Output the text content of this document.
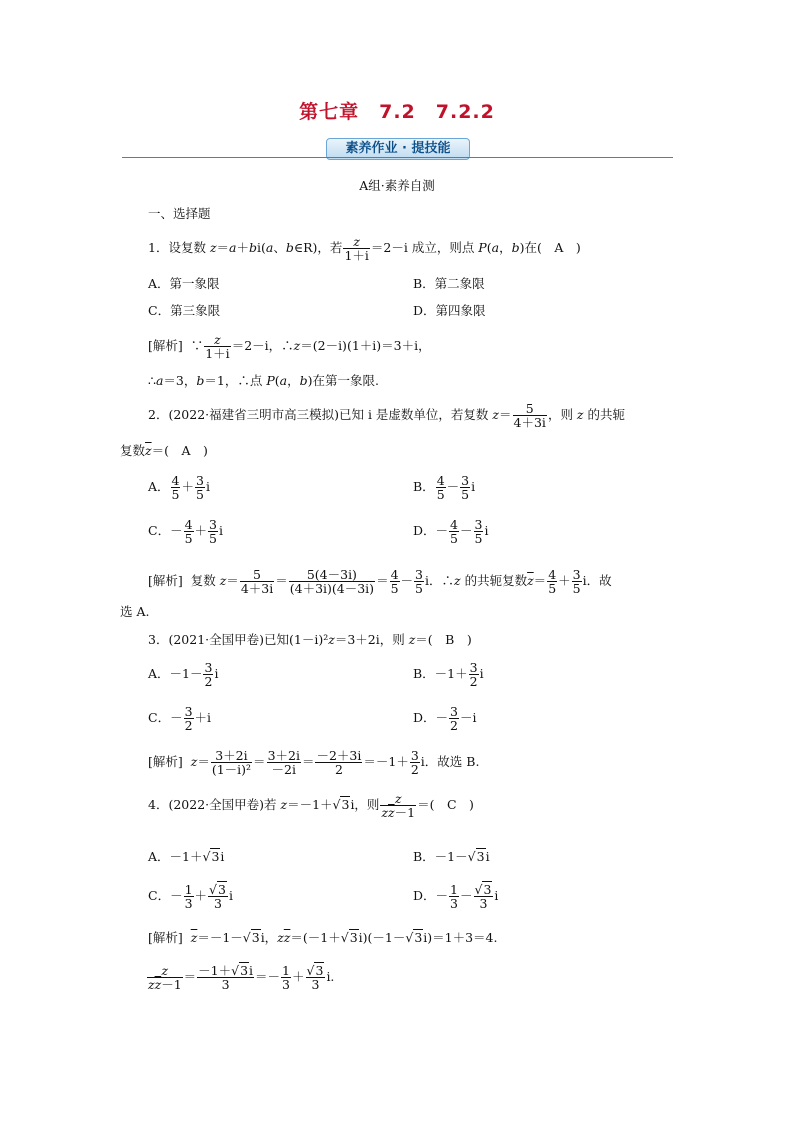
第七章　7.2　7.2.2
素养作业 · 提技能
A组·素养自测
一、选择题
1．设复数 z＝a＋bi(a、b∈R)，若 $\frac{z}{1+i} =2-i$ 成立，则点 P(a，b)在(　A　)
A．第一象限	B．第二象限
C．第三象限	D．第四象限
[解析] ∵ $\frac{z}{1+i} =2-i$，∴z＝(2－i)(1＋i)＝3＋i，
∴a＝3，b＝1，∴点 P(a，b)在第一象限.
2．(2022·福建省三明市高三模拟)已知 i 是虚数单位，若复数 $z= \frac{5}{4+3i}$ ，则 z 的共轭
复数$\overline{z}=$(　A　)
A． $\frac{4}{5} + \frac{3}{5}$ i	B． $\frac{4}{5} - \frac{3}{5}$ i
C．－ $\frac{4}{5} + \frac{3}{5}$ i	D．－ $\frac{4}{5} - \frac{3}{5}$ i
[解析] 复数 $z= \frac{5}{4+3i} = \frac{5(4-3i)}{(4+3i)(4-3i)} = \frac{4}{5} - \frac{3}{5}$ i．∴z 的共轭复数$\overline{z}= \frac{4}{5} + \frac{3}{5}$ i．故
选 A.
3．(2021·全国甲卷)已知(1－i)²z＝3＋2i，则 z＝(　B　)
A．$-1- \frac{3}{2}$ i	B．$-1+ \frac{3}{2}$ i
C．－ $\frac{3}{2} +i$	D．－ $\frac{3}{2} -i$
[解析] $z= \frac{3+2i}{\text{(1－i)²}} = \frac{3+2i}{-2i} = \frac{-2+3i}{2} =-1+ \frac{3}{2}$ i．故选 B.
4．(2022·全国甲卷)若 z＝－1＋√3i，则 $\frac{z}{z\overline{z}-1}$ ＝(　C　)
A．－1＋√3i	B．－1－√3i
C．－ $\frac{1}{3} + \frac{√3}{3}$ i	D．－ $\frac{1}{3} - \frac{√3}{3}$ i
[解析] $\overline{z}=-1-√3i$，$z\overline{z}=(-1+√3i)(-1-√3i)=1+3=4$.
$\frac{z}{z\overline{z}-1} = \frac{-1+√3i}{3} =- \frac{1}{3} + \frac{√3}{3} i$.
